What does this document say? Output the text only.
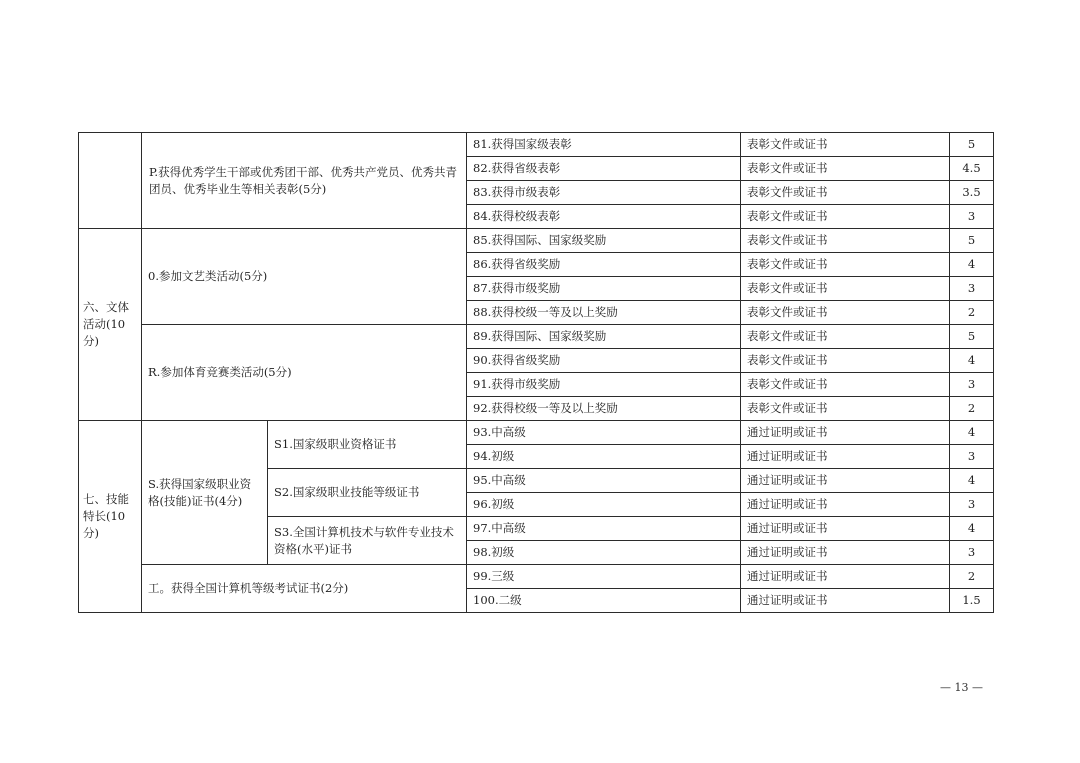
	P.获得优秀学生干部或优秀团干部、优秀共产党员、优秀共青团员、优秀毕业生等相关表彰(5分)		81.获得国家级表彰	表彰文件或证书	5
			82.获得省级表彰	表彰文件或证书	4.5
			83.获得市级表彰	表彰文件或证书	3.5
			84.获得校级表彰	表彰文件或证书	3
六、文体活动(10分)	0.参加文艺类活动(5分)		85.获得国际、国家级奖励	表彰文件或证书	5
			86.获得省级奖励	表彰文件或证书	4
			87.获得市级奖励	表彰文件或证书	3
			88.获得校级一等及以上奖励	表彰文件或证书	2
	R.参加体育竞赛类活动(5分)		89.获得国际、国家级奖励	表彰文件或证书	5
			90.获得省级奖励	表彰文件或证书	4
			91.获得市级奖励	表彰文件或证书	3
			92.获得校级一等及以上奖励	表彰文件或证书	2
七、技能特长(10分)	S.获得国家级职业资格(技能)证书(4分)	S1.国家级职业资格证书	93.中高级	通过证明或证书	4
			94.初级	通过证明或证书	3
		S2.国家级职业技能等级证书	95.中高级	通过证明或证书	4
			96.初级	通过证明或证书	3
		S3.全国计算机技术与软件专业技术资格(水平)证书	97.中高级	通过证明或证书	4
			98.初级	通过证明或证书	3
	工。获得全国计算机等级考试证书(2分)		99.三级	通过证明或证书	2
			100.二级	通过证明或证书	1.5
— 13 —
